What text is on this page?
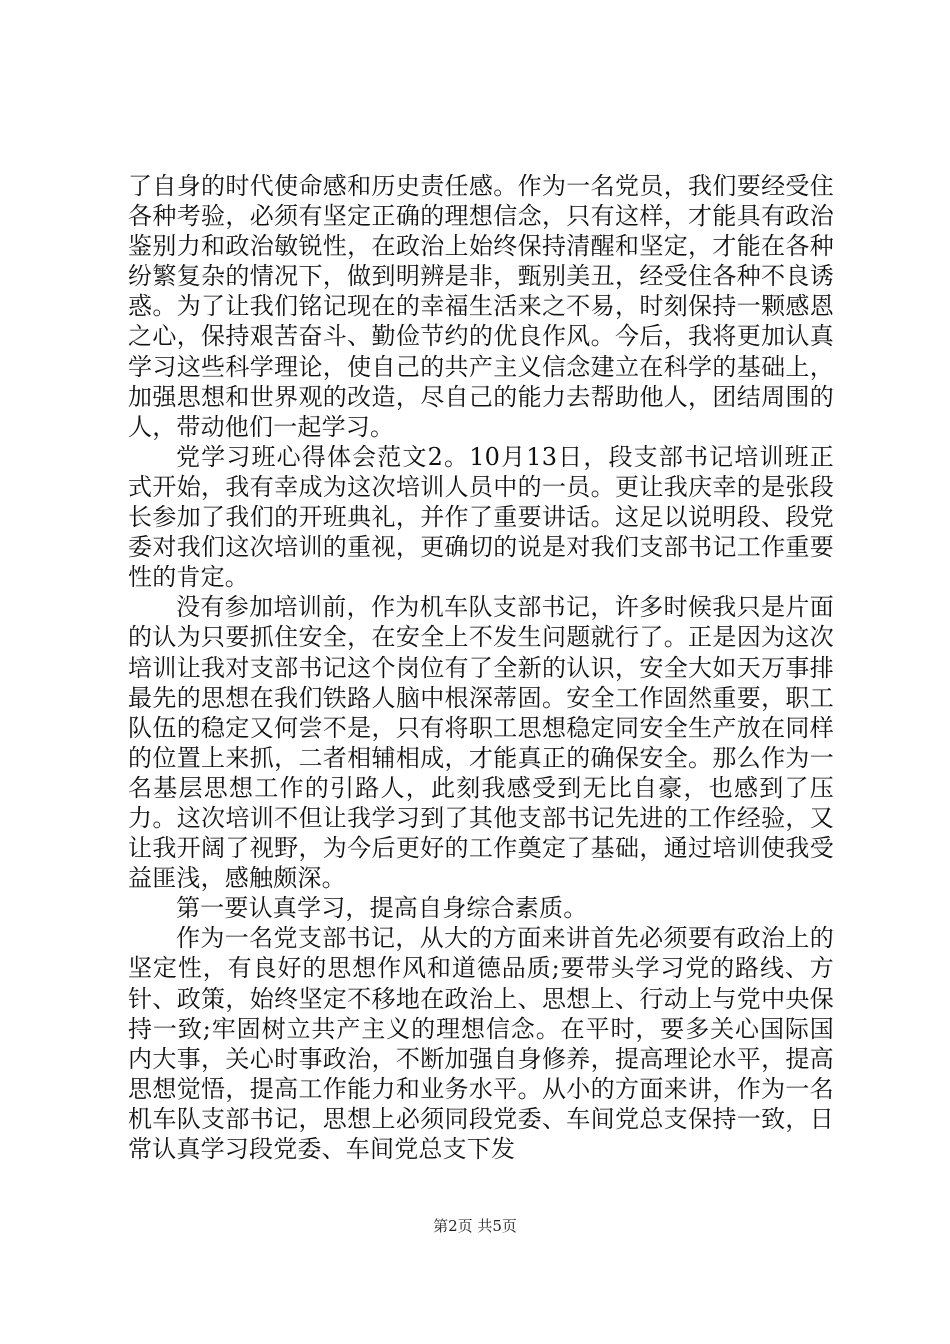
了自身的时代使命感和历史责任感。作为一名党员，我们要经受住各种考验，必须有坚定正确的理想信念，只有这样，才能具有政治鉴别力和政治敏锐性，在政治上始终保持清醒和坚定，才能在各种纷繁复杂的情况下，做到明辨是非，甄别美丑，经受住各种不良诱惑。为了让我们铭记现在的幸福生活来之不易，时刻保持一颗感恩之心，保持艰苦奋斗、勤俭节约的优良作风。今后，我将更加认真学习这些科学理论，使自己的共产主义信念建立在科学的基础上，加强思想和世界观的改造，尽自己的能力去帮助他人，团结周围的人，带动他们一起学习。

党学习班心得体会范文2。10月13日，段支部书记培训班正式开始，我有幸成为这次培训人员中的一员。更让我庆幸的是张段长参加了我们的开班典礼，并作了重要讲话。这足以说明段、段党委对我们这次培训的重视，更确切的说是对我们支部书记工作重要性的肯定。

没有参加培训前，作为机车队支部书记，许多时候我只是片面的认为只要抓住安全，在安全上不发生问题就行了。正是因为这次培训让我对支部书记这个岗位有了全新的认识，安全大如天万事排最先的思想在我们铁路人脑中根深蒂固。安全工作固然重要，职工队伍的稳定又何尝不是，只有将职工思想稳定同安全生产放在同样的位置上来抓，二者相辅相成，才能真正的确保安全。那么作为一名基层思想工作的引路人，此刻我感受到无比自豪，也感到了压力。这次培训不但让我学习到了其他支部书记先进的工作经验，又让我开阔了视野，为今后更好的工作奠定了基础，通过培训使我受益匪浅，感触颇深。

第一要认真学习，提高自身综合素质。

作为一名党支部书记，从大的方面来讲首先必须要有政治上的坚定性，有良好的思想作风和道德品质;要带头学习党的路线、方针、政策，始终坚定不移地在政治上、思想上、行动上与党中央保持一致;牢固树立共产主义的理想信念。在平时，要多关心国际国内大事，关心时事政治，不断加强自身修养，提高理论水平，提高思想觉悟，提高工作能力和业务水平。从小的方面来讲，作为一名机车队支部书记，思想上必须同段党委、车间党总支保持一致，日常认真学习段党委、车间党总支下发

第2页 共5页
